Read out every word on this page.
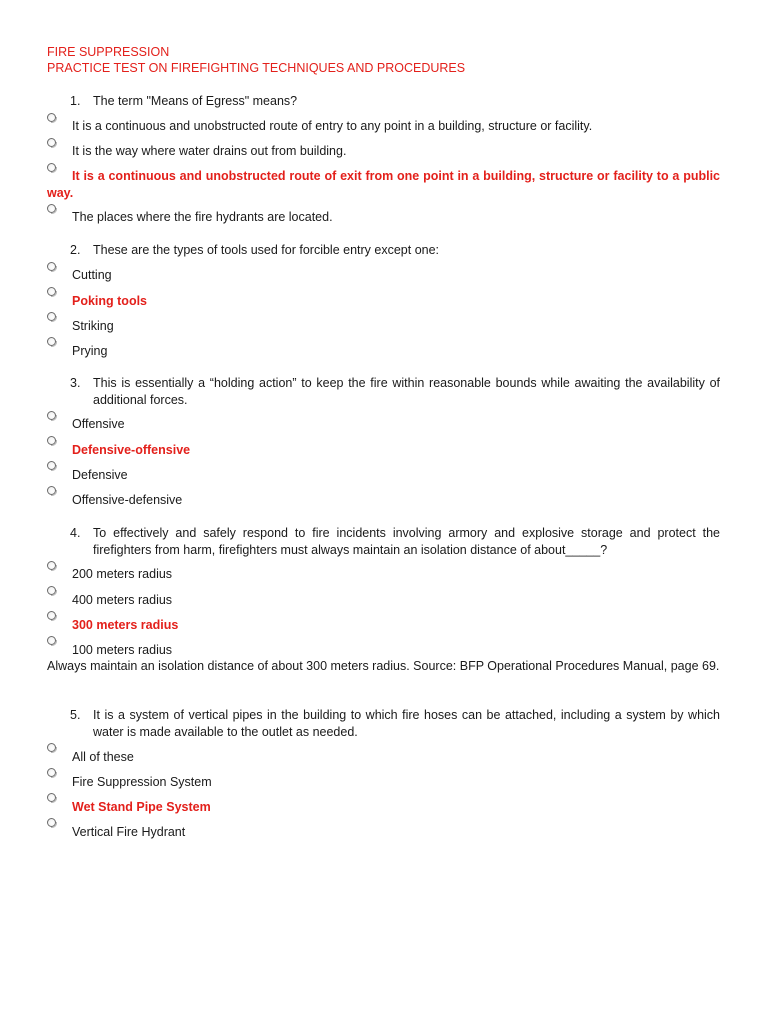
FIRE SUPPRESSION
PRACTICE TEST ON FIREFIGHTING TECHNIQUES AND PROCEDURES
1. The term "Means of Egress" means?
It is a continuous and unobstructed route of entry to any point in a building, structure or facility.
It is the way where water drains out from building.
It is a continuous and unobstructed route of exit from one point in a building, structure or facility to a public way.
The places where the fire hydrants are located.
2. These are the types of tools used for forcible entry except one:
Cutting
Poking tools
Striking
Prying
3. This is essentially a “holding action” to keep the fire within reasonable bounds while awaiting the availability of additional forces.
Offensive
Defensive-offensive
Defensive
Offensive-defensive
4. To effectively and safely respond to fire incidents involving armory and explosive storage and protect the firefighters from harm, firefighters must always maintain an isolation distance of about_____?
200 meters radius
400 meters radius
300 meters radius
100 meters radius
Always maintain an isolation distance of about 300 meters radius. Source: BFP Operational Procedures Manual, page 69.
5. It is a system of vertical pipes in the building to which fire hoses can be attached, including a system by which water is made available to the outlet as needed.
All of these
Fire Suppression System
Wet Stand Pipe System
Vertical Fire Hydrant
